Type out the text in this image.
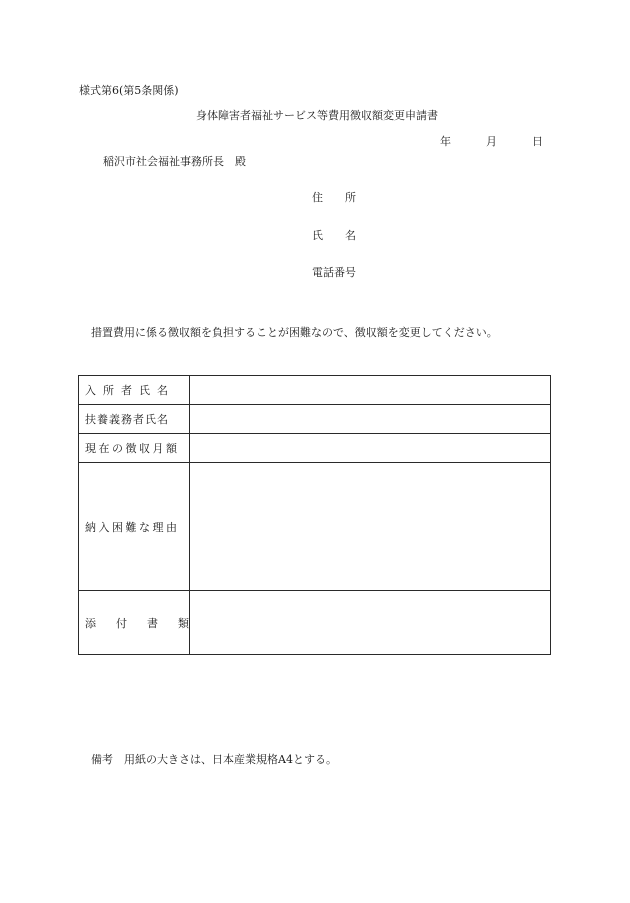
様式第6(第5条関係)
身体障害者福祉サービス等費用徴収額変更申請書
年	月	日
稲沢市社会福祉事務所長　殿
住　　所
氏　　名
電話番号
措置費用に係る徴収額を負担することが困難なので、徴収額を変更してください。
入所者氏名	
扶養義務者氏名	
現在の徴収月額	
納入困難な理由	
添付書類	
備考　用紙の大きさは、日本産業規格A4とする。
